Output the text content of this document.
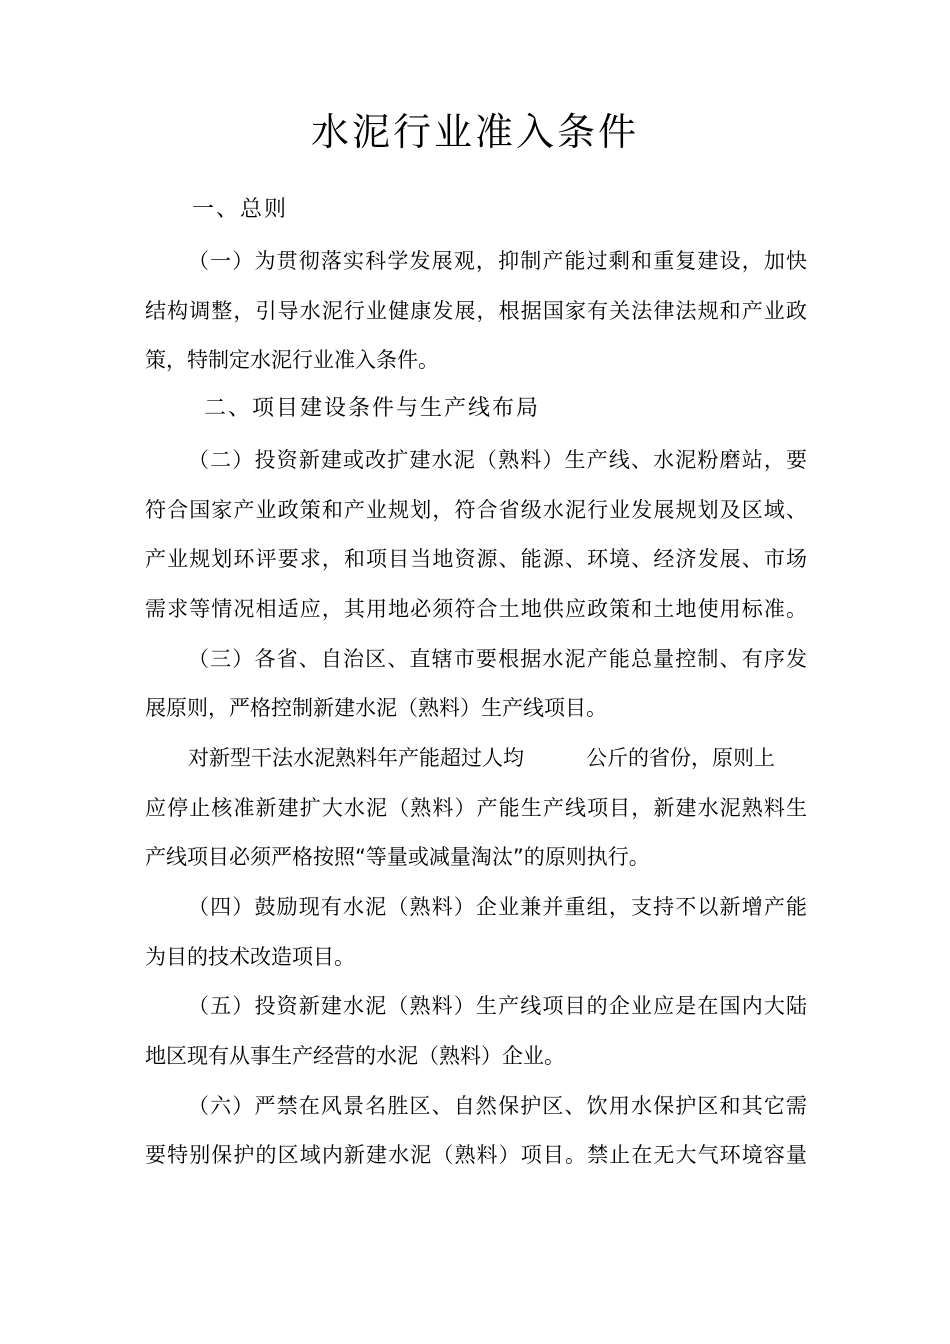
水泥行业准入条件
一、总则
（一）为贯彻落实科学发展观，抑制产能过剩和重复建设，加快
结构调整，引导水泥行业健康发展，根据国家有关法律法规和产业政
策，特制定水泥行业准入条件。
二、项目建设条件与生产线布局
（二）投资新建或改扩建水泥（熟料）生产线、水泥粉磨站，要
符合国家产业政策和产业规划，符合省级水泥行业发展规划及区域、
产业规划环评要求，和项目当地资源、能源、环境、经济发展、市场
需求等情况相适应，其用地必须符合土地供应政策和土地使用标准。
（三）各省、自治区、直辖市要根据水泥产能总量控制、有序发
展原则，严格控制新建水泥（熟料）生产线项目。
对新型干法水泥熟料年产能超过人均	公斤的省份，原则上
应停止核准新建扩大水泥（熟料）产能生产线项目，新建水泥熟料生
产线项目必须严格按照“等量或减量淘汰”的原则执行。
（四）鼓励现有水泥（熟料）企业兼并重组，支持不以新增产能
为目的技术改造项目。
（五）投资新建水泥（熟料）生产线项目的企业应是在国内大陆
地区现有从事生产经营的水泥（熟料）企业。
（六）严禁在风景名胜区、自然保护区、饮用水保护区和其它需
要特别保护的区域内新建水泥（熟料）项目。禁止在无大气环境容量
